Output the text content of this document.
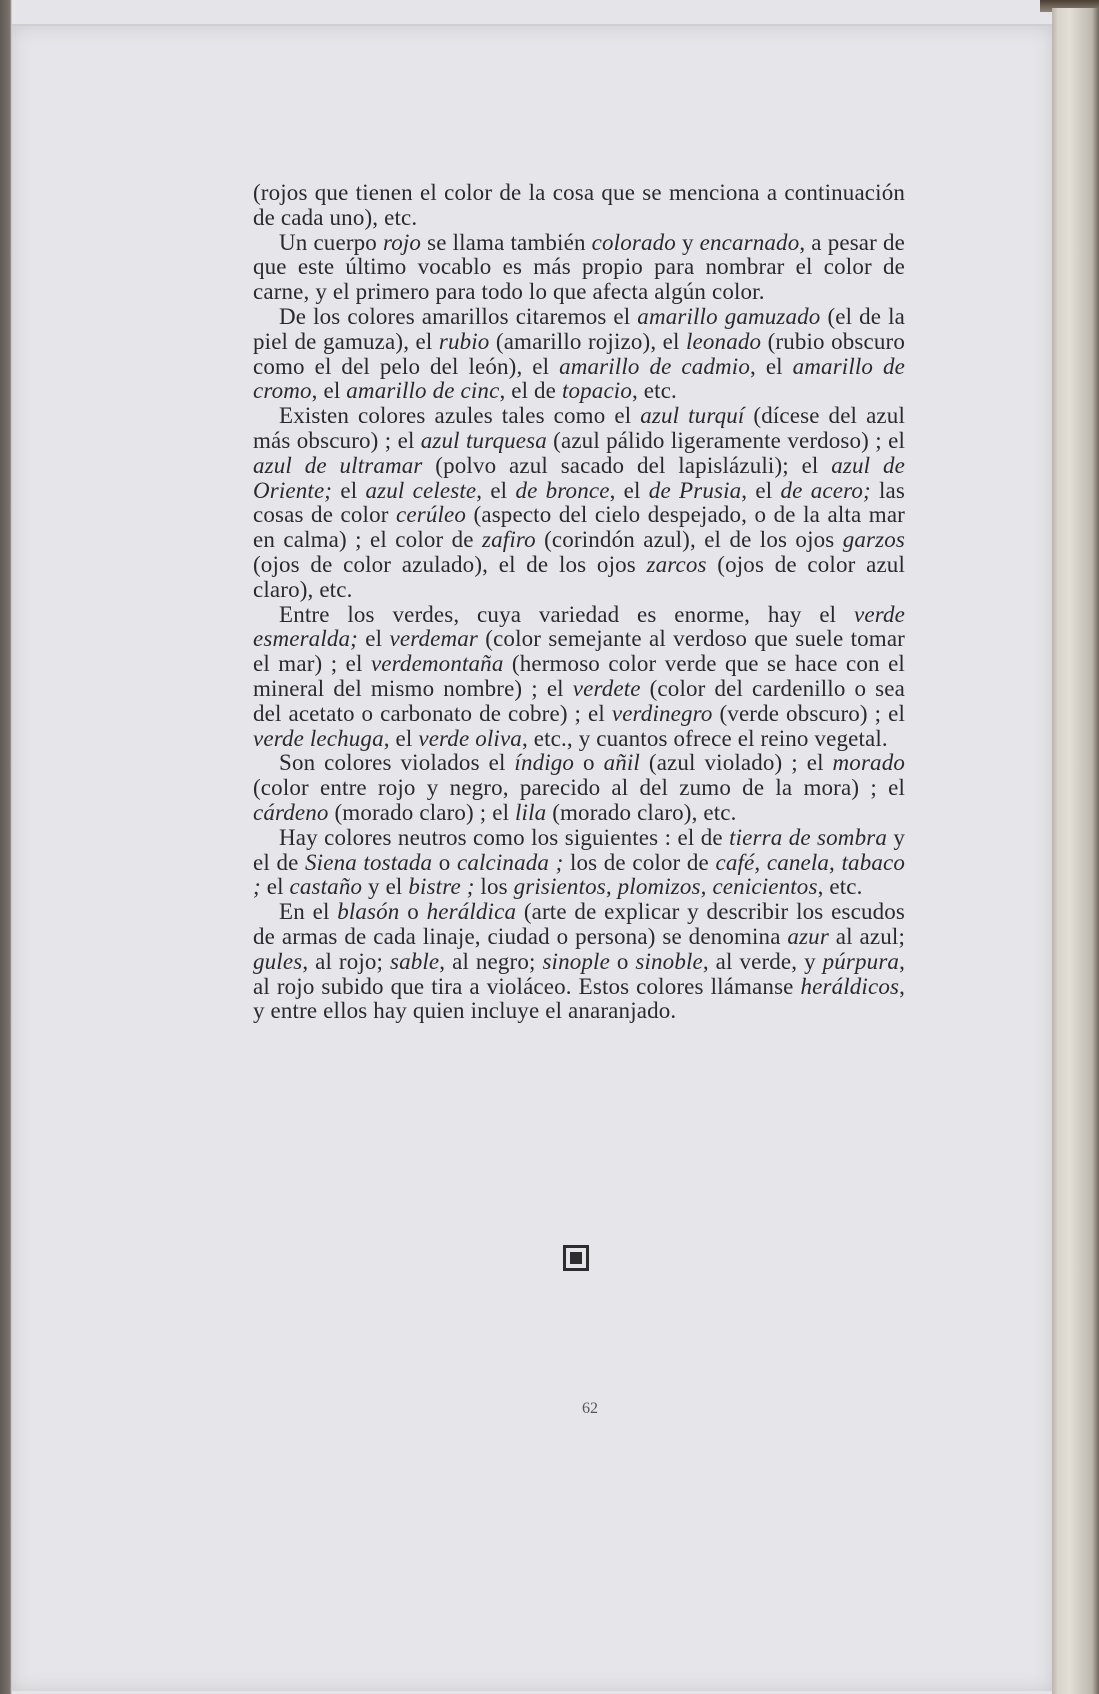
(rojos que tienen el color de la cosa que se menciona a continuación de cada uno), etc.

Un cuerpo rojo se llama también colorado y encarnado, a pesar de que este último vocablo es más propio para nombrar el color de carne, y el primero para todo lo que afecta algún color.

De los colores amarillos citaremos el amarillo gamuzado (el de la piel de gamuza), el rubio (amarillo rojizo), el leonado (rubio obscuro como el del pelo del león), el amarillo de cadmio, el amarillo de cromo, el amarillo de cinc, el de topacio, etc.

Existen colores azules tales como el azul turquí (dícese del azul más obscuro) ; el azul turquesa (azul pálido ligeramente verdoso) ; el azul de ultramar (polvo azul sacado del lapislázuli); el azul de Oriente; el azul celeste, el de bronce, el de Prusia, el de acero; las cosas de color cerúleo (aspecto del cielo despejado, o de la alta mar en calma) ; el color de zafiro (corindón azul), el de los ojos garzos (ojos de color azulado), el de los ojos zarcos (ojos de color azul claro), etc.

Entre los verdes, cuya variedad es enorme, hay el verde esmeralda; el verdemar (color semejante al verdoso que suele tomar el mar) ; el verdemontaña (hermoso color verde que se hace con el mineral del mismo nombre) ; el verdete (color del cardenillo o sea del acetato o carbonato de cobre) ; el verdinegro (verde obscuro) ; el verde lechuga, el verde oliva, etc., y cuantos ofrece el reino vegetal.

Son colores violados el índigo o añil (azul violado) ; el morado (color entre rojo y negro, parecido al del zumo de la mora) ; el cárdeno (morado claro) ; el lila (morado claro), etc.

Hay colores neutros como los siguientes : el de tierra de sombra y el de Siena tostada o calcinada ; los de color de café, canela, tabaco ; el castaño y el bistre ; los grisientos, plomizos, cenicientos, etc.

En el blasón o heráldica (arte de explicar y describir los escudos de armas de cada linaje, ciudad o persona) se denomina azur al azul; gules, al rojo; sable, al negro; sinople o sinoble, al verde, y púrpura, al rojo subido que tira a violáceo. Estos colores llámanse heráldicos, y entre ellos hay quien incluye el anaranjado.

62
